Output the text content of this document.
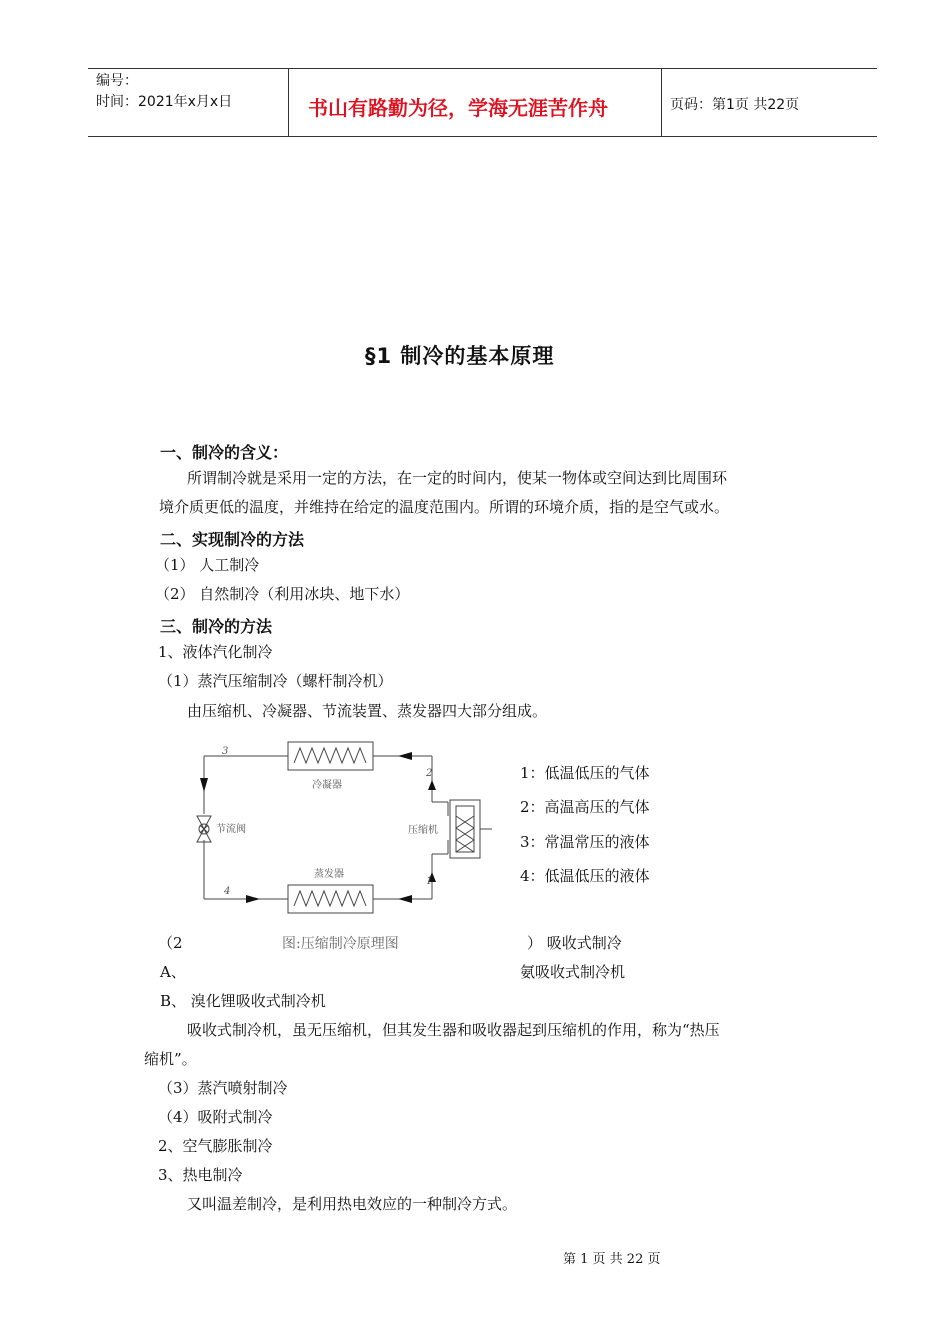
编号：
时间：2021年x月x日	书山有路勤为径，学海无涯苦作舟	页码：第1页 共22页
§1 制冷的基本原理
一、制冷的含义：
所谓制冷就是采用一定的方法，在一定的时间内，使某一物体或空间达到比周围环
境介质更低的温度，并维持在给定的温度范围内。所谓的环境介质，指的是空气或水。
二、实现制冷的方法
（1） 人工制冷
（2） 自然制冷（利用冰块、地下水）
三、制冷的方法
1、液体汽化制冷
（1）蒸汽压缩制冷（螺杆制冷机）
由压缩机、冷凝器、节流装置、蒸发器四大部分组成。
3
2
1
4
冷凝器
蒸发器
压缩机
节流阀
1：低温低压的气体
2：高温高压的气体
3：常温常压的液体
4：低温低压的液体
（2	图:压缩制冷原理图	） 吸收式制冷
A、	氨吸收式制冷机
B、 溴化锂吸收式制冷机
吸收式制冷机，虽无压缩机，但其发生器和吸收器起到压缩机的作用，称为“热压
缩机”。
（3）蒸汽喷射制冷
（4）吸附式制冷
2、空气膨胀制冷
3、热电制冷
又叫温差制冷，是利用热电效应的一种制冷方式。
第 1 页 共 22 页
